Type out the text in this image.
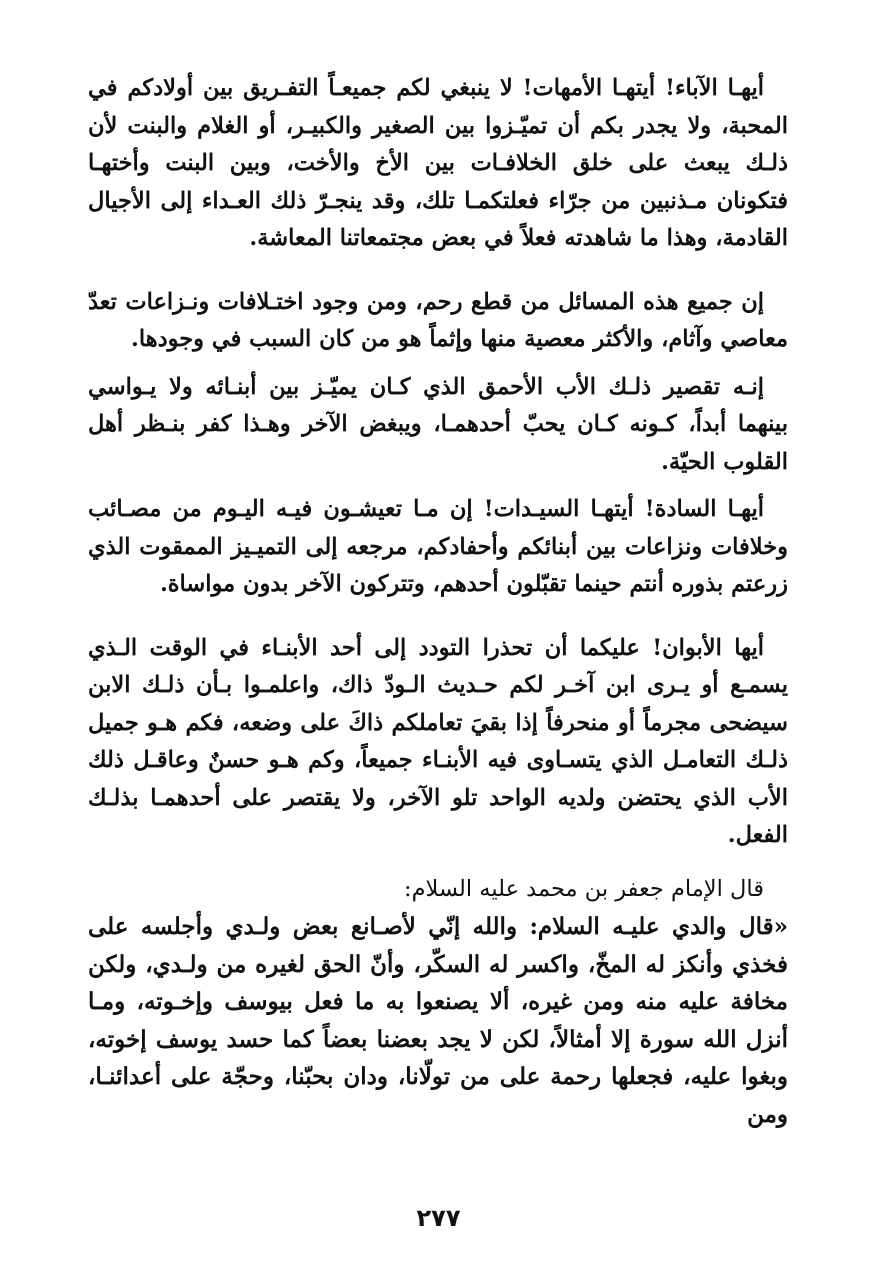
أيهـا الآباء! أيتهـا الأمهات! لا ينبغي لكم جميعـاً التفـريق بين أولادكم في المحبة، ولا يجدر بكم أن تميّـزوا بين الصغير والكبيـر، أو الغلام والبنت لأن ذلـك يبعث على خلق الخلافـات بين الأخ والأخت، وبين البنت وأختهـا فتكونان مـذنبين من جرّاء فعلتكمـا تلك، وقد ينجـرّ ذلك العـداء إلى الأجيال القادمة، وهذا ما شاهدته فعلاً في بعض مجتمعاتنا المعاشة.

إن جميع هذه المسائل من قطع رحم، ومن وجود اختـلافات ونـزاعات تعدّ معاصي وآثام، والأكثر معصية منها وإثماً هو من كان السبب في وجودها.

إنـه تقصير ذلـك الأب الأحمق الذي كـان يميّـز بين أبنـائه ولا يـواسي بينهما أبداً، كـونه كـان يحبّ أحدهمـا، ويبغض الآخر وهـذا كفر بنـظر أهل القلوب الحيّة.

أيهـا السادة! أيتهـا السيـدات! إن مـا تعيشـون فيـه اليـوم من مصـائب وخلافات ونزاعات بين أبنائكم وأحفادكم، مرجعه إلى التميـيز الممقوت الذي زرعتم بذوره أنتم حينما تقبّلون أحدهم، وتتركون الآخر بدون مواساة.

أيها الأبوان! عليكما أن تحذرا التودد إلى أحد الأبنـاء في الوقت الـذي يسمـع أو يـرى ابن آخـر لكم حـديث الـودّ ذاك، واعلمـوا بـأن ذلـك الابن سيضحى مجرماً أو منحرفاً إذا بقيَ تعاملكم ذاكَ على وضعه، فكم هـو جميل ذلـك التعامـل الذي يتسـاوى فيه الأبنـاء جميعاً، وكم هـو حسنٌ وعاقـل ذلك الأب الذي يحتضن ولديه الواحد تلو الآخر، ولا يقتصر على أحدهمـا بذلـك الفعل.

قال الإمام جعفر بن محمد عليه السلام:

«قال والدي عليـه السلام: والله إنّي لأصـانع بعض ولـدي وأجلسه على فخذي وأنكز له المخّ، واكسر له السكّر، وأنّ الحق لغيره من ولـدي، ولكن مخافة عليه منه ومن غيره، ألا يصنعوا به ما فعل بيوسف وإخـوته، ومـا أنزل الله سورة إلا أمثالاً، لكن لا يجد بعضنا بعضاً كما حسد يوسف إخوته، وبغوا عليه، فجعلها رحمة على من تولّانا، ودان بحبّنا، وحجّة على أعدائنـا، ومن

٢٧٧
